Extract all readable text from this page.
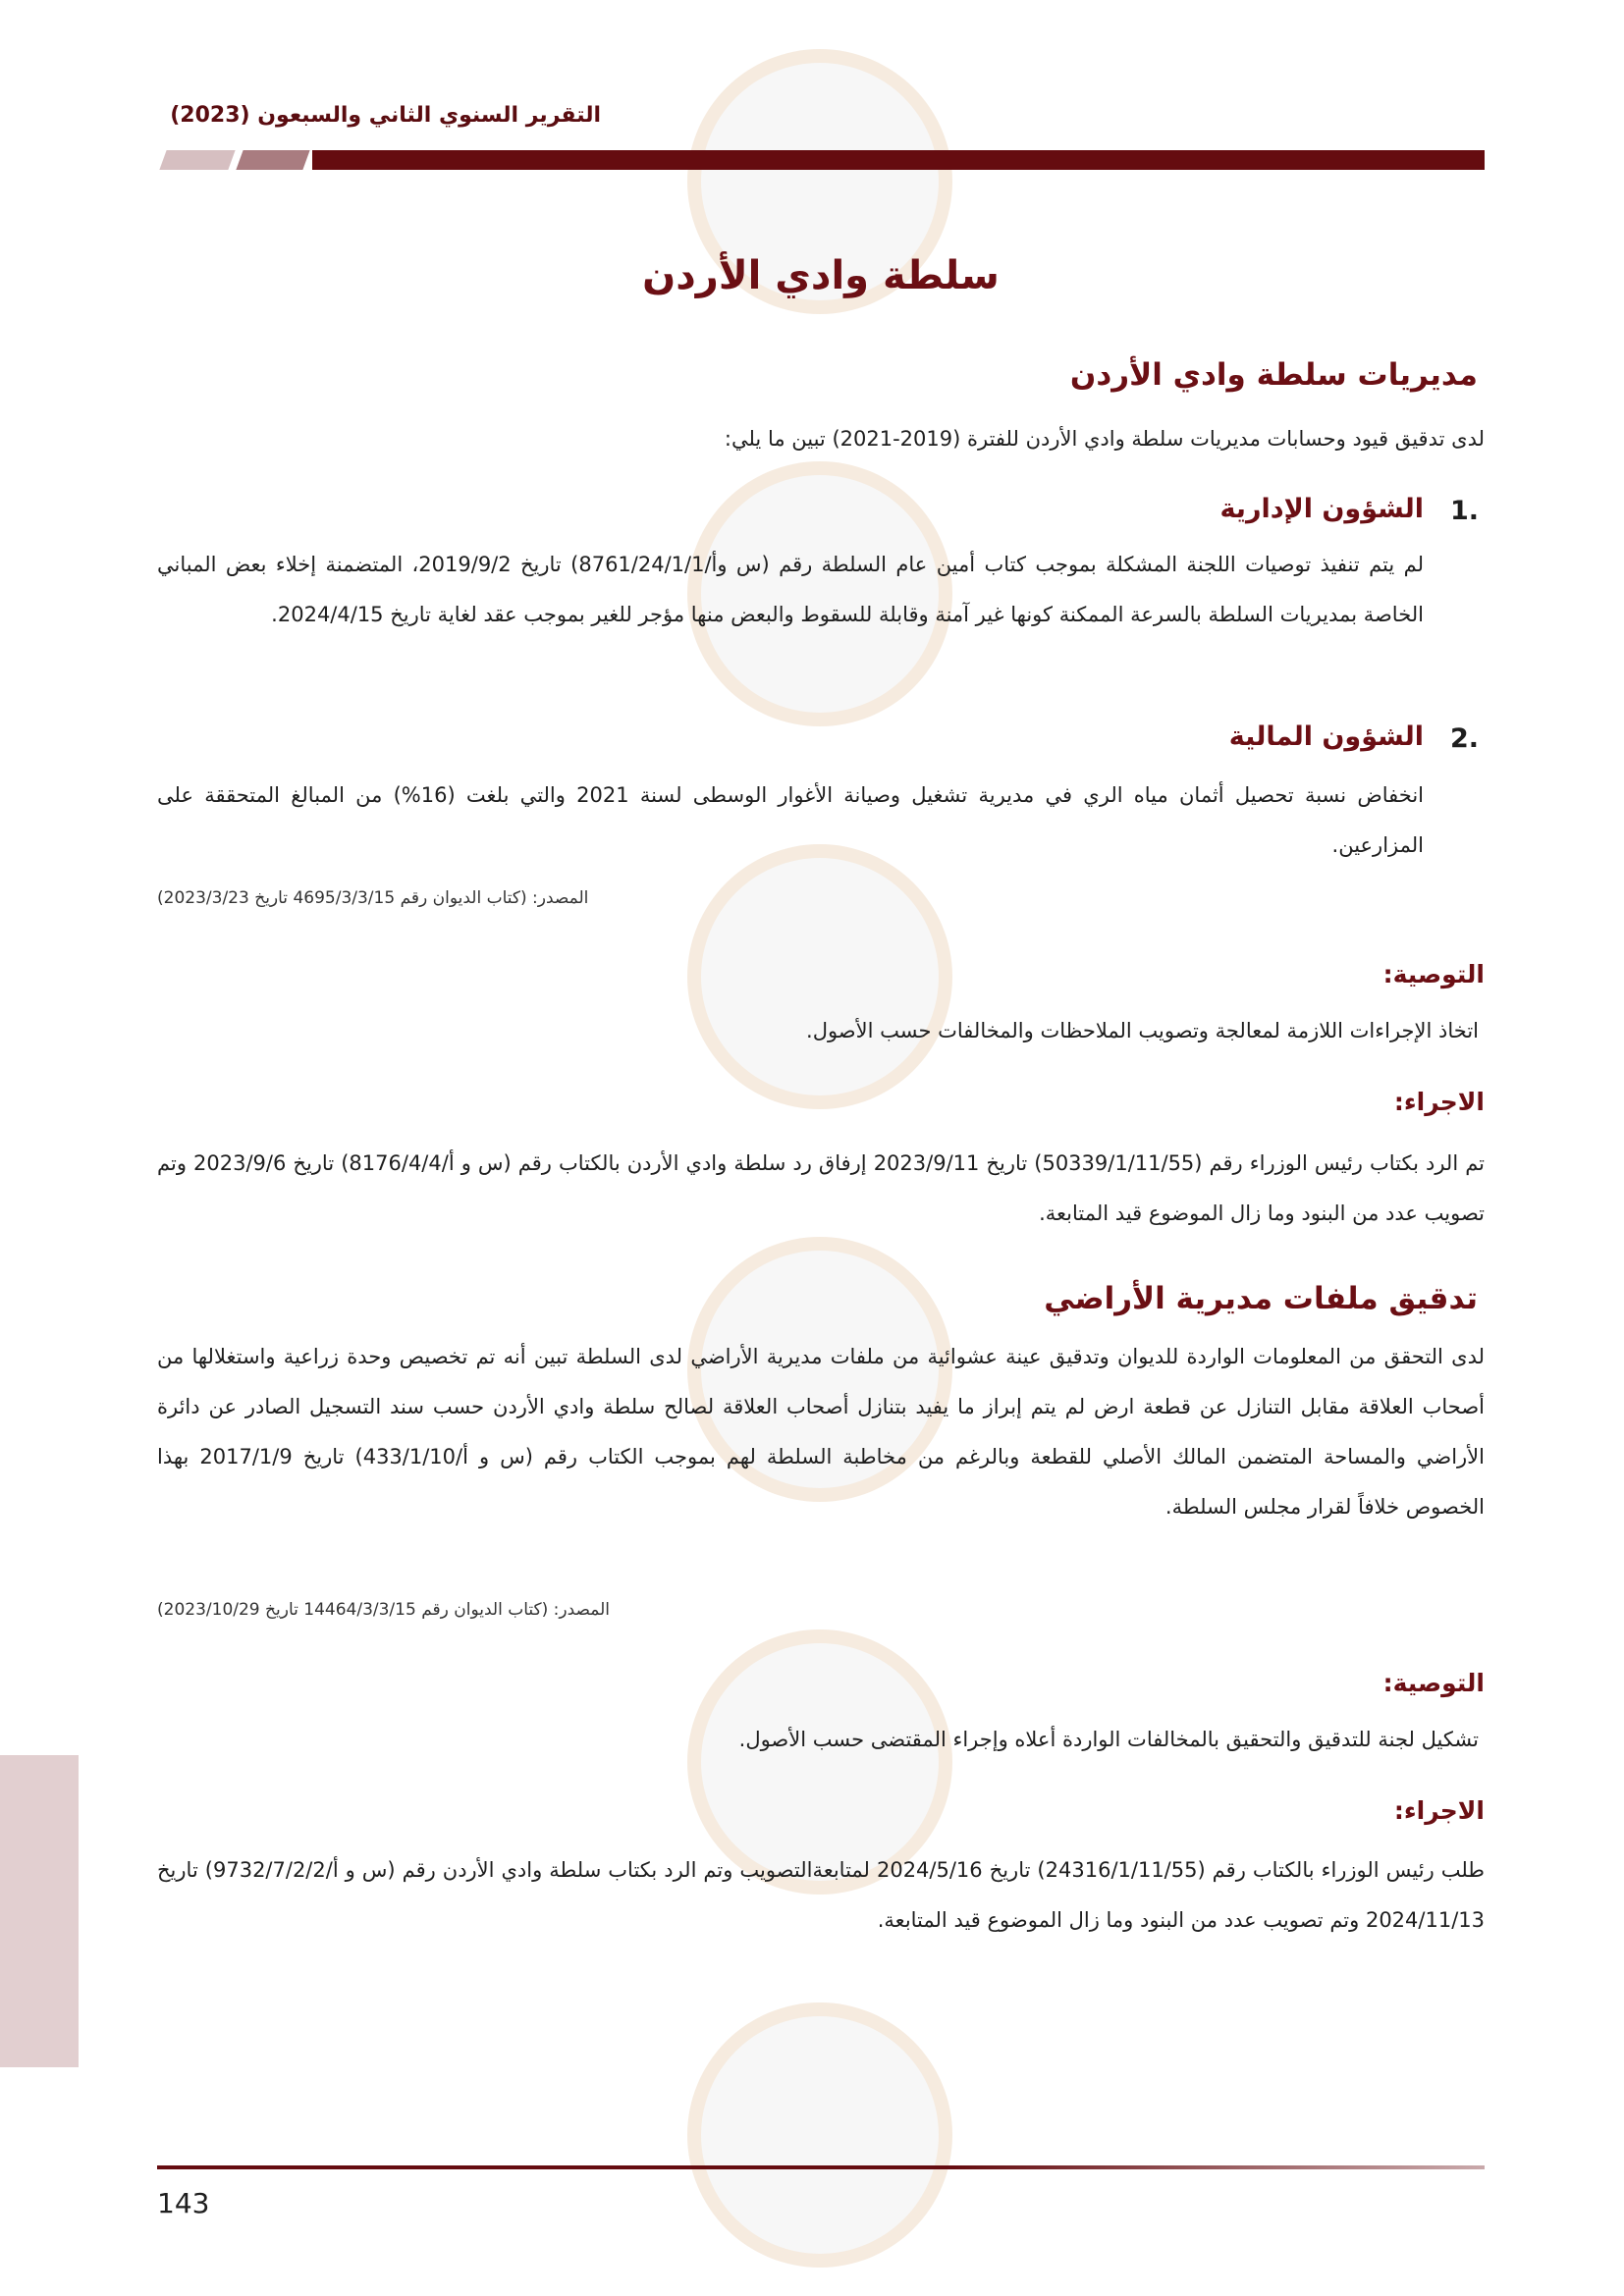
التقرير السنوي الثاني والسبعون (2023)
سلطة وادي الأردن
مديريات سلطة وادي الأردن
لدى تدقيق قيود وحسابات مديريات سلطة وادي الأردن للفترة (2019-2021) تبين ما يلي:
1.
الشؤون الإدارية
لم يتم تنفيذ توصيات اللجنة المشكلة بموجب كتاب أمين عام السلطة رقم (س وأ/8761/24/1/1) تاريخ 2019/9/2، المتضمنة إخلاء بعض المباني الخاصة بمديريات السلطة بالسرعة الممكنة كونها غير آمنة وقابلة للسقوط والبعض منها مؤجر للغير بموجب عقد لغاية تاريخ 2024/4/15.
2.
الشؤون المالية
انخفاض نسبة تحصيل أثمان مياه الري في مديرية تشغيل وصيانة الأغوار الوسطى لسنة 2021 والتي بلغت (16%) من المبالغ المتحققة على المزارعين.
المصدر: (كتاب الديوان رقم 4695/3/3/15 تاريخ 2023/3/23)
التوصية:
اتخاذ الإجراءات اللازمة لمعالجة وتصويب الملاحظات والمخالفات حسب الأصول.
الاجراء:
تم الرد بكتاب رئيس الوزراء رقم (50339/1/11/55) تاريخ 2023/9/11 إرفاق رد سلطة وادي الأردن بالكتاب رقم (س و أ/8176/4/4) تاريخ 2023/9/6 وتم تصويب عدد من البنود وما زال الموضوع قيد المتابعة.
تدقيق ملفات مديرية الأراضي
لدى التحقق من المعلومات الواردة للديوان وتدقيق عينة عشوائية من ملفات مديرية الأراضي لدى السلطة تبين أنه تم تخصيص وحدة زراعية واستغلالها من أصحاب العلاقة مقابل التنازل عن قطعة ارض لم يتم إبراز ما يفيد بتنازل أصحاب العلاقة لصالح سلطة وادي الأردن حسب سند التسجيل الصادر عن دائرة الأراضي والمساحة المتضمن المالك الأصلي للقطعة وبالرغم من مخاطبة السلطة لهم بموجب الكتاب رقم (س و أ/433/1/10) تاريخ 2017/1/9 بهذا الخصوص خلافاً لقرار مجلس السلطة.
المصدر: (كتاب الديوان رقم 14464/3/3/15 تاريخ 2023/10/29)
التوصية:
تشكيل لجنة للتدقيق والتحقيق بالمخالفات الواردة أعلاه وإجراء المقتضى حسب الأصول.
الاجراء:
طلب رئيس الوزراء بالكتاب رقم (24316/1/11/55) تاريخ 2024/5/16 لمتابعةالتصويب وتم الرد بكتاب سلطة وادي الأردن رقم (س و أ/9732/7/2/2) تاريخ 2024/11/13 وتم تصويب عدد من البنود وما زال الموضوع قيد المتابعة.
143
